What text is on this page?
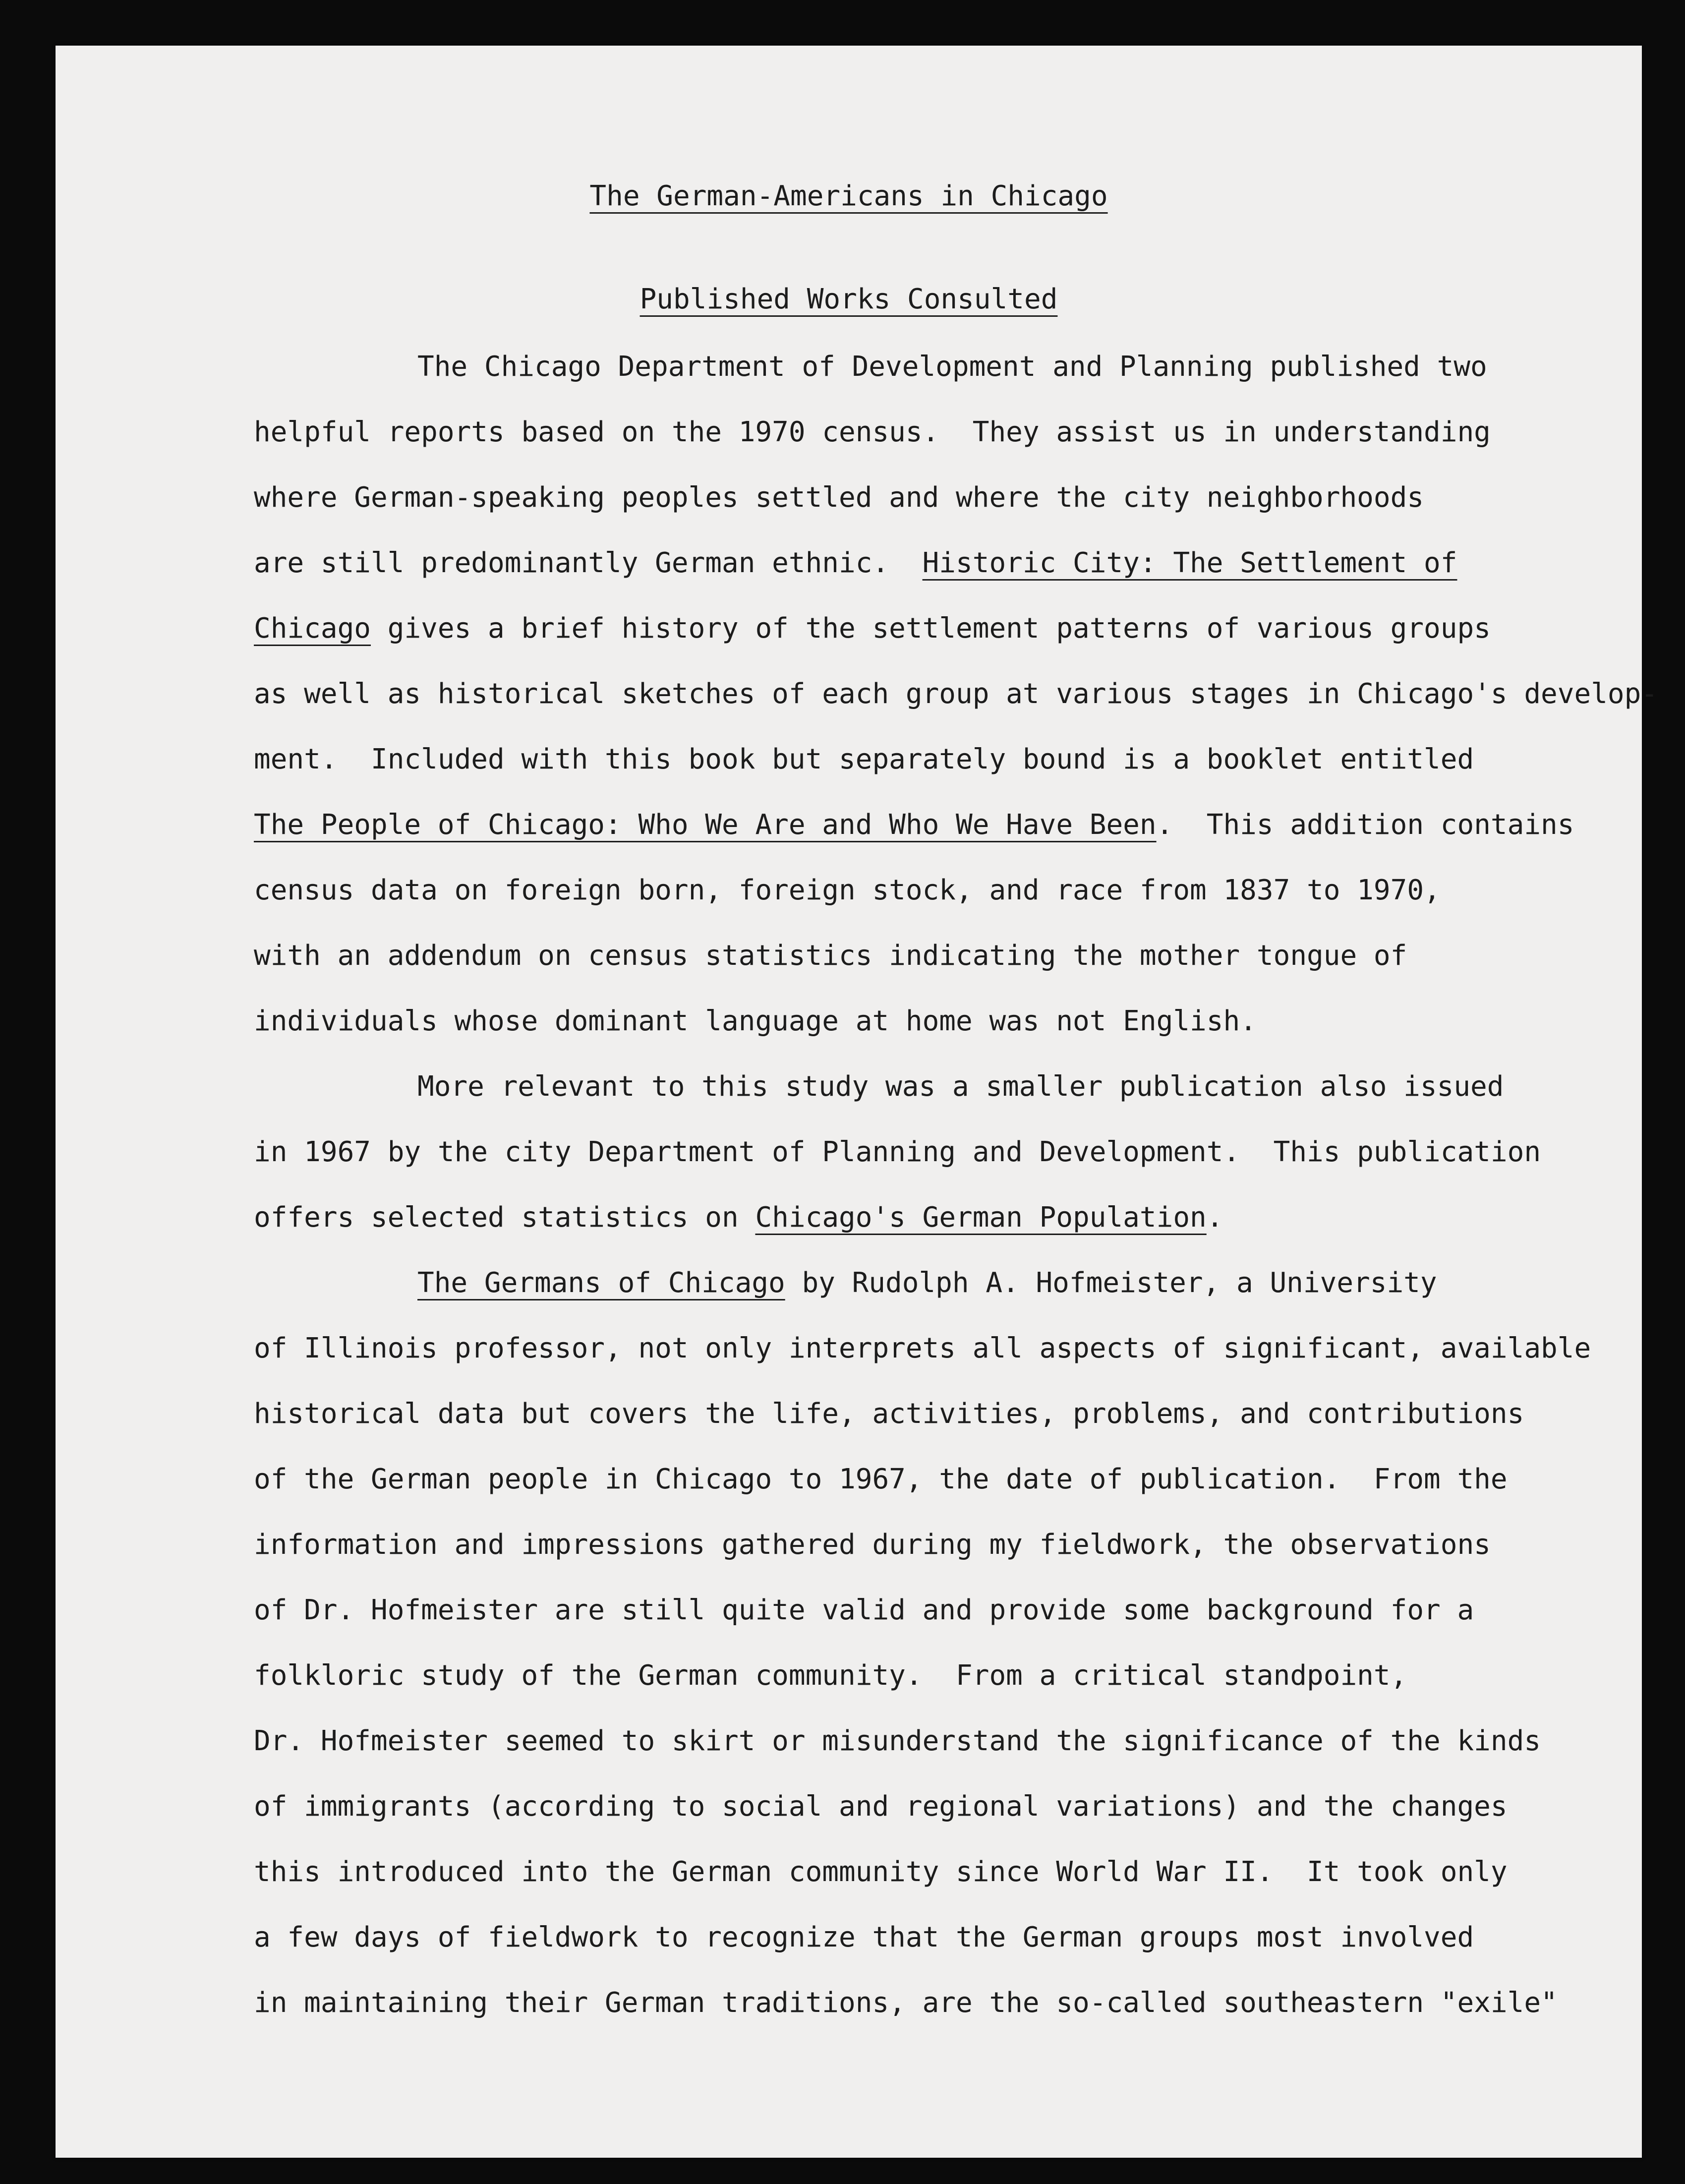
The German-Americans in Chicago
Published Works Consulted
The Chicago Department of Development and Planning published two
helpful reports based on the 1970 census.  They assist us in understanding
where German-speaking peoples settled and where the city neighborhoods
are still predominantly German ethnic.  Historic City: The Settlement of
Chicago gives a brief history of the settlement patterns of various groups
as well as historical sketches of each group at various stages in Chicago's develop-
ment.  Included with this book but separately bound is a booklet entitled
The People of Chicago: Who We Are and Who We Have Been.  This addition contains
census data on foreign born, foreign stock, and race from 1837 to 1970,
with an addendum on census statistics indicating the mother tongue of
individuals whose dominant language at home was not English.
More relevant to this study was a smaller publication also issued
in 1967 by the city Department of Planning and Development.  This publication
offers selected statistics on Chicago's German Population.
The Germans of Chicago by Rudolph A. Hofmeister, a University
of Illinois professor, not only interprets all aspects of significant, available
historical data but covers the life, activities, problems, and contributions
of the German people in Chicago to 1967, the date of publication.  From the
information and impressions gathered during my fieldwork, the observations
of Dr. Hofmeister are still quite valid and provide some background for a
folkloric study of the German community.  From a critical standpoint,
Dr. Hofmeister seemed to skirt or misunderstand the significance of the kinds
of immigrants (according to social and regional variations) and the changes
this introduced into the German community since World War II.  It took only
a few days of fieldwork to recognize that the German groups most involved
in maintaining their German traditions, are the so-called southeastern "exile"
